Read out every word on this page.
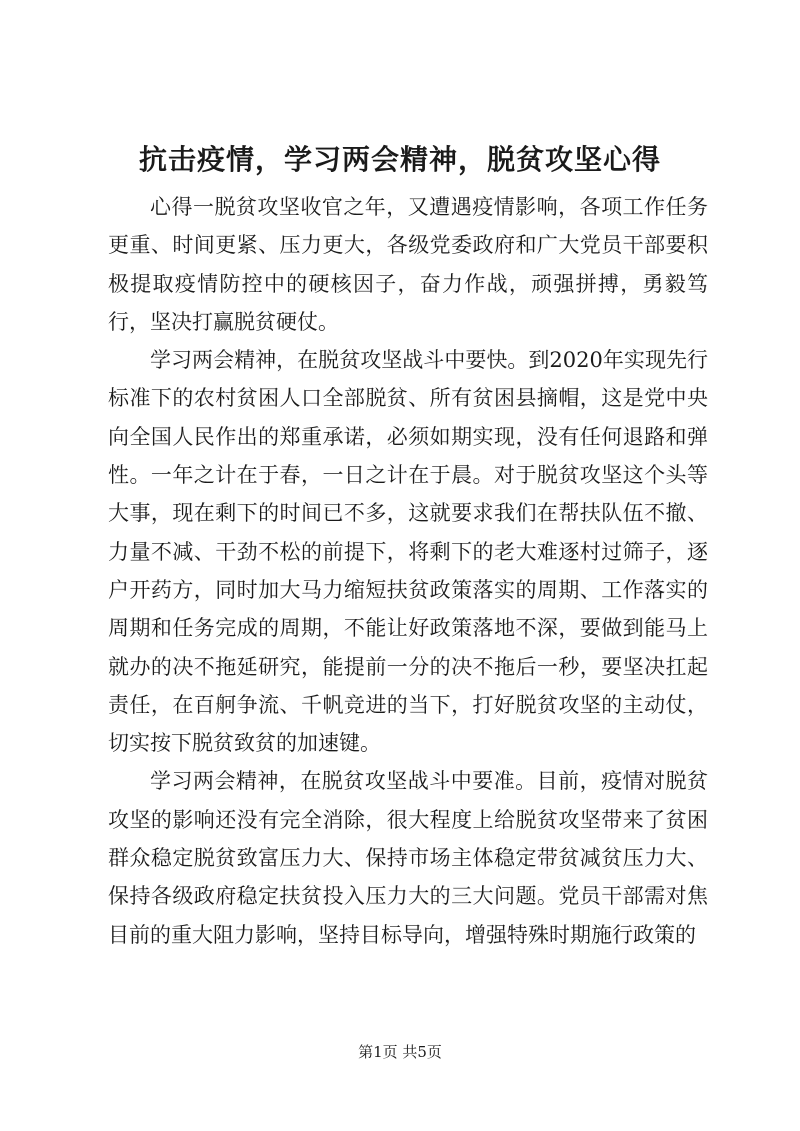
抗击疫情，学习两会精神，脱贫攻坚心得

心得一脱贫攻坚收官之年，又遭遇疫情影响，各项工作任务更重、时间更紧、压力更大，各级党委政府和广大党员干部要积极提取疫情防控中的硬核因子，奋力作战，顽强拼搏，勇毅笃行，坚决打赢脱贫硬仗。

学习两会精神，在脱贫攻坚战斗中要快。到2020年实现先行标准下的农村贫困人口全部脱贫、所有贫困县摘帽，这是党中央向全国人民作出的郑重承诺，必须如期实现，没有任何退路和弹性。一年之计在于春，一日之计在于晨。对于脱贫攻坚这个头等大事，现在剩下的时间已不多，这就要求我们在帮扶队伍不撤、力量不减、干劲不松的前提下，将剩下的老大难逐村过筛子，逐户开药方，同时加大马力缩短扶贫政策落实的周期、工作落实的周期和任务完成的周期，不能让好政策落地不深，要做到能马上就办的决不拖延研究，能提前一分的决不拖后一秒，要坚决扛起责任，在百舸争流、千帆竞进的当下，打好脱贫攻坚的主动仗，切实按下脱贫致贫的加速键。

学习两会精神，在脱贫攻坚战斗中要准。目前，疫情对脱贫攻坚的影响还没有完全消除，很大程度上给脱贫攻坚带来了贫困群众稳定脱贫致富压力大、保持市场主体稳定带贫减贫压力大、保持各级政府稳定扶贫投入压力大的三大问题。党员干部需对焦目前的重大阻力影响，坚持目标导向，增强特殊时期施行政策的

第1页 共5页
